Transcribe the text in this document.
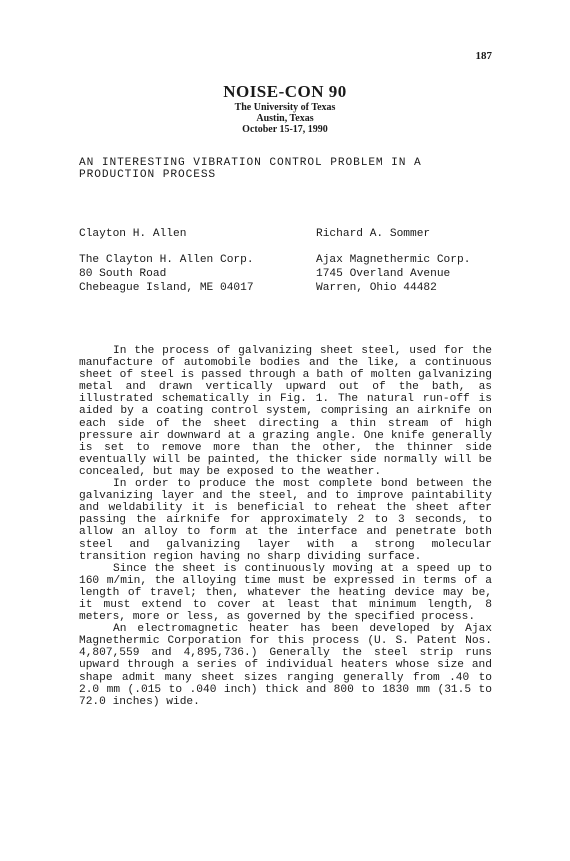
187
NOISE-CON 90
The University of Texas
Austin, Texas
October 15-17, 1990
AN INTERESTING VIBRATION CONTROL PROBLEM IN A PRODUCTION PROCESS
Clayton H. Allen
The Clayton H. Allen Corp.
80 South Road
Chebeague Island, ME 04017
Richard A. Sommer
Ajax Magnethermic Corp.
1745 Overland Avenue
Warren, Ohio 44482

In the process of galvanizing sheet steel, used for the manufacture of automobile bodies and the like, a continuous sheet of steel is passed through a bath of molten galvanizing metal and drawn vertically upward out of the bath, as illustrated schematically in Fig. 1. The natural run-off is aided by a coating control system, comprising an airknife on each side of the sheet directing a thin stream of high pressure air downward at a grazing angle. One knife generally is set to remove more than the other, the thinner side eventually will be painted, the thicker side normally will be concealed, but may be exposed to the weather.

In order to produce the most complete bond between the galvanizing layer and the steel, and to improve paintability and weldability it is beneficial to reheat the sheet after passing the airknife for approximately 2 to 3 seconds, to allow an alloy to form at the interface and penetrate both steel and galvanizing layer with a strong molecular transition region having no sharp dividing surface.

Since the sheet is continuously moving at a speed up to 160 m/min, the alloying time must be expressed in terms of a length of travel; then, whatever the heating device may be, it must extend to cover at least that minimum length, 8 meters, more or less, as governed by the specified process.

An electromagnetic heater has been developed by Ajax Magnethermic Corporation for this process (U. S. Patent Nos. 4,807,559 and 4,895,736.) Generally the steel strip runs upward through a series of individual heaters whose size and shape admit many sheet sizes ranging generally from .40 to 2.0 mm (.015 to .040 inch) thick and 800 to 1830 mm (31.5 to 72.0 inches) wide.
